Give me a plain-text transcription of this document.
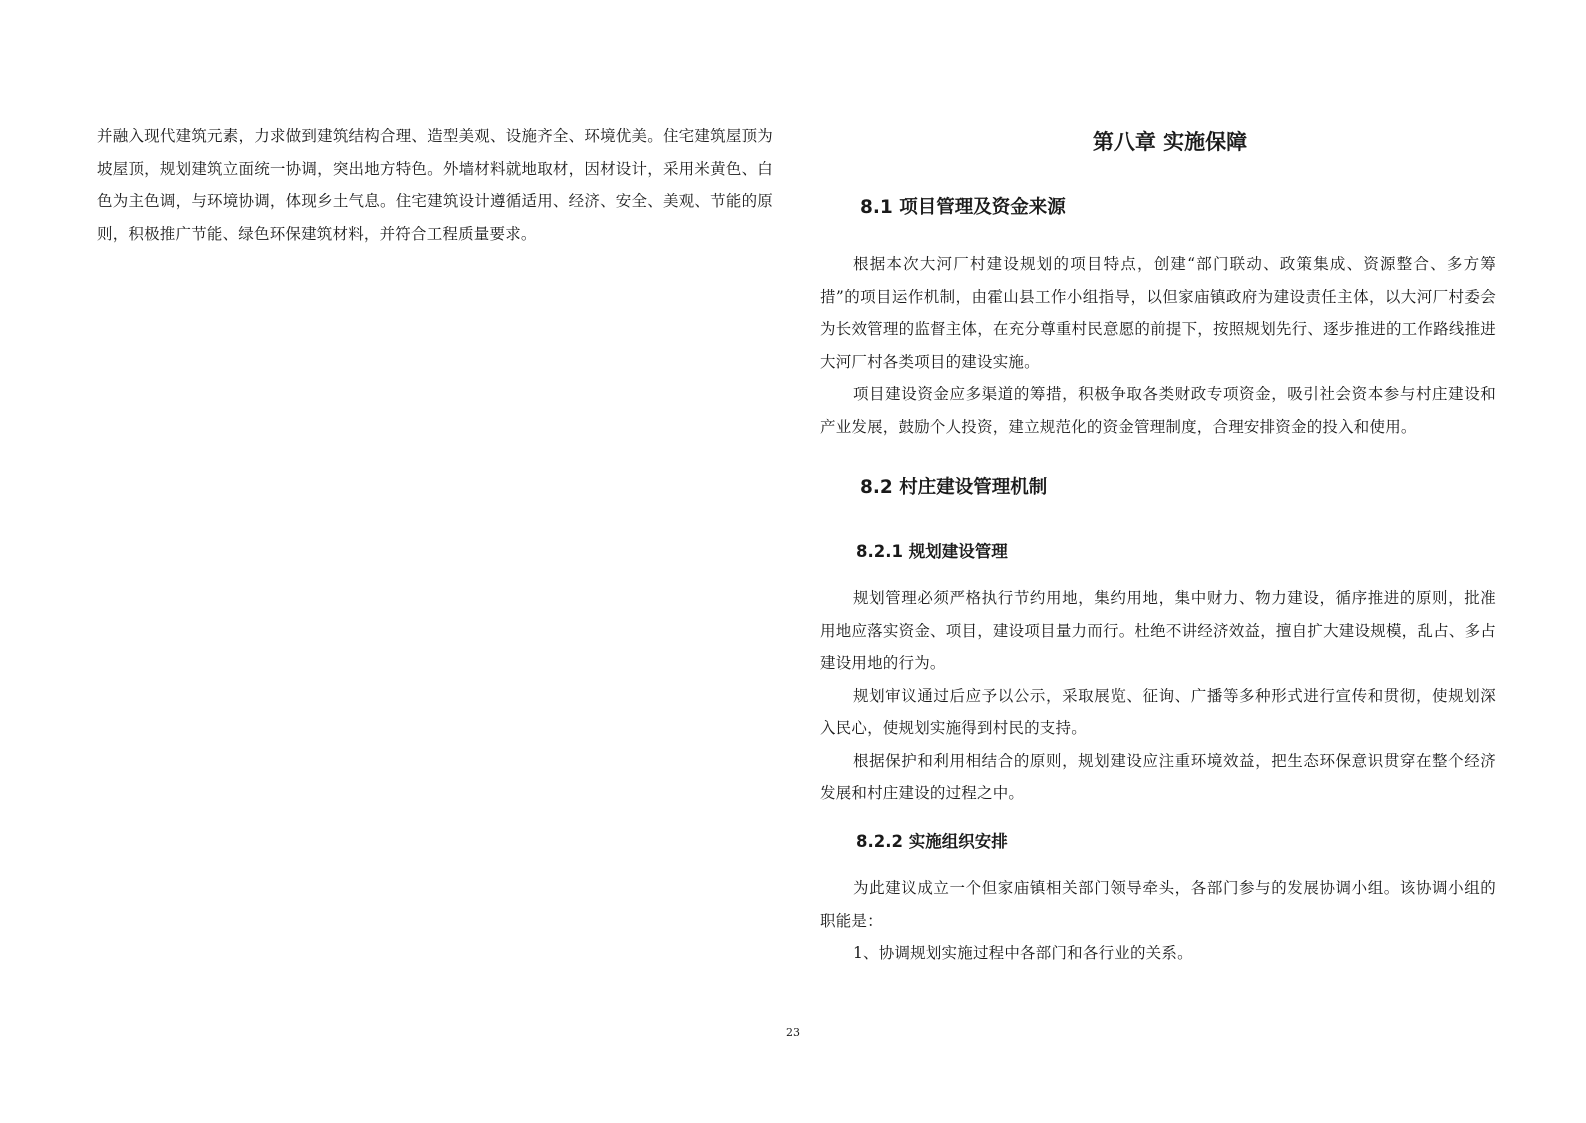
并融入现代建筑元素，力求做到建筑结构合理、造型美观、设施齐全、环境优美。住宅建筑屋顶为坡屋顶，规划建筑立面统一协调，突出地方特色。外墙材料就地取材，因材设计，采用米黄色、白色为主色调，与环境协调，体现乡土气息。住宅建筑设计遵循适用、经济、安全、美观、节能的原则，积极推广节能、绿色环保建筑材料，并符合工程质量要求。

第八章 实施保障
8.1 项目管理及资金来源

根据本次大河厂村建设规划的项目特点，创建“部门联动、政策集成、资源整合、多方筹措”的项目运作机制，由霍山县工作小组指导，以但家庙镇政府为建设责任主体，以大河厂村委会为长效管理的监督主体，在充分尊重村民意愿的前提下，按照规划先行、逐步推进的工作路线推进大河厂村各类项目的建设实施。

项目建设资金应多渠道的筹措，积极争取各类财政专项资金，吸引社会资本参与村庄建设和产业发展，鼓励个人投资，建立规范化的资金管理制度，合理安排资金的投入和使用。

8.2 村庄建设管理机制
8.2.1 规划建设管理

规划管理必须严格执行节约用地，集约用地，集中财力、物力建设，循序推进的原则，批准用地应落实资金、项目，建设项目量力而行。杜绝不讲经济效益，擅自扩大建设规模，乱占、多占建设用地的行为。

规划审议通过后应予以公示，采取展览、征询、广播等多种形式进行宣传和贯彻，使规划深入民心，使规划实施得到村民的支持。

根据保护和利用相结合的原则，规划建设应注重环境效益，把生态环保意识贯穿在整个经济发展和村庄建设的过程之中。

8.2.2 实施组织安排

为此建议成立一个但家庙镇相关部门领导牵头，各部门参与的发展协调小组。该协调小组的职能是：

1、协调规划实施过程中各部门和各行业的关系。

23
